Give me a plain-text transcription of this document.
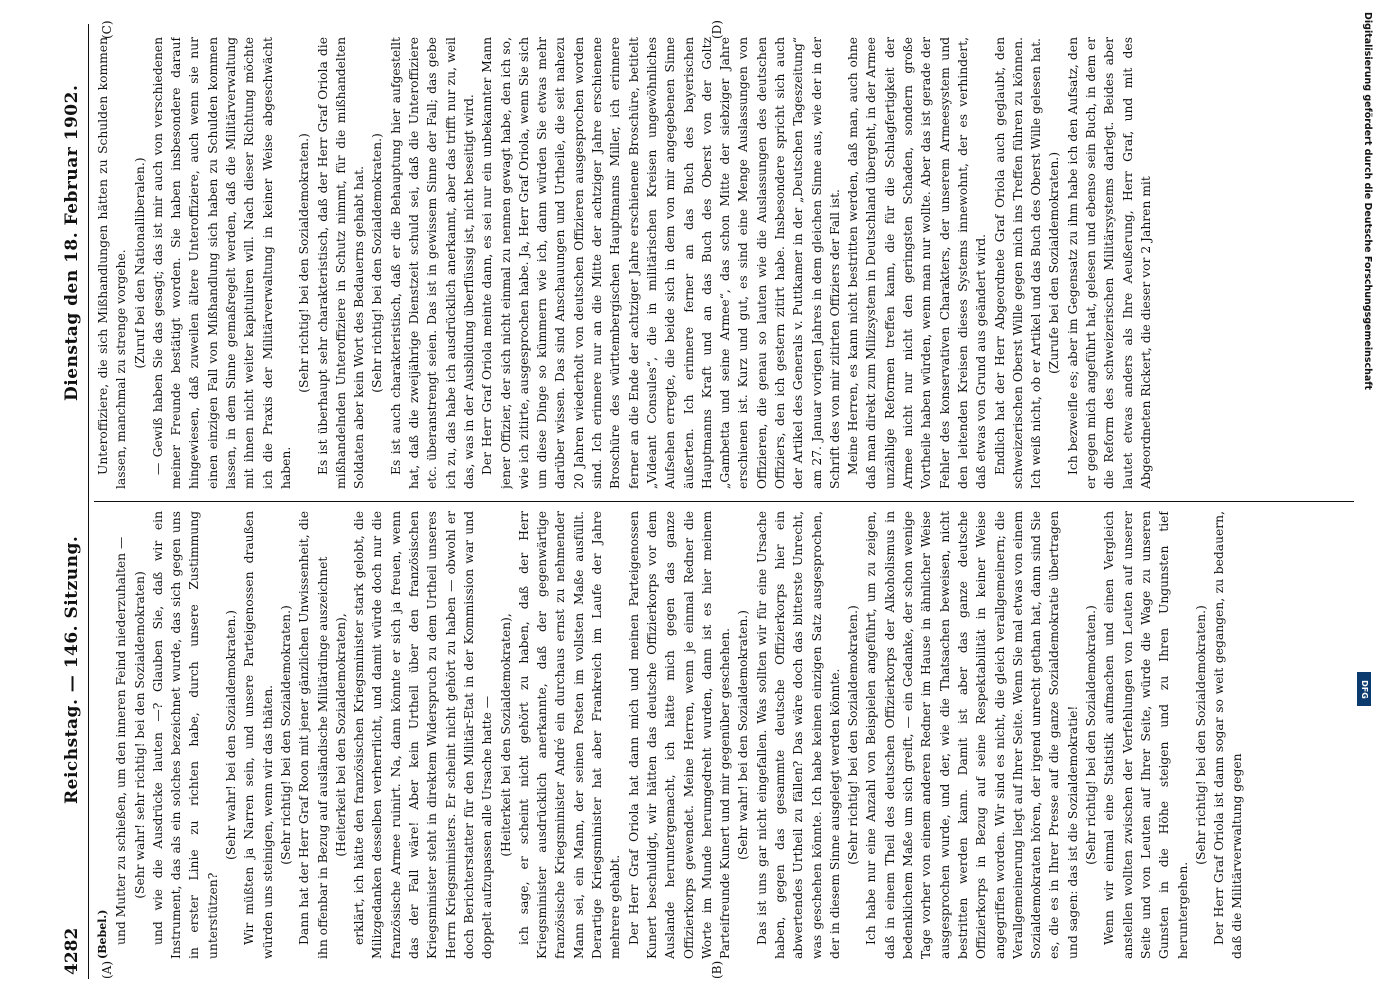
4282
Reichstag. — 146. Sitzung.
Dienstag den 18. Februar 1902.
(A)	(B)
(C)	(D)
(Bebel.) und Mutter zu schießen, um den inneren Feind niederzuhalten — (Sehr wahr! sehr richtig! bei den Sozialdemokraten) und wie die Ausdrücke lauten —? Glauben Sie, daß wir ein Instrument, das als ein solches bezeichnet wurde, das sich gegen uns in erster Linie zu richten habe, durch unsere Zustimmung unterstützen?

(Sehr wahr! bei den Sozialdemokraten.) Wir müßten ja Narren sein, und unsere Parteigenossen draußen würden uns steinigen, wenn wir das thäten. (Sehr richtig! bei den Sozialdemokraten.) Dann hat der Herr Graf Roon mit jener gänzlichen Unwissenheit, die ihn offenbar in Bezug auf ausländische Militärdinge auszeichnet (Heiterkeit bei den Sozialdemokraten), erklärt, ich hätte den französischen Kriegsminister stark gelobt, die Milizgedanken desselben verherrlicht, und damit würde doch nur die französische Armee ruinirt. Na, dann könnte er sich ja freuen, wenn das der Fall wäre! Aber kein Urtheil über den französischen Kriegsminister steht in direktem Widerspruch zu dem Urtheil unseres Herrn Kriegsministers. Er scheint nicht gehört zu haben — obwohl er doch Berichterstatter für den Militär-Etat in der Kommission war und doppelt aufzupassen alle Ursache hatte — (Heiterkeit bei den Sozialdemokraten), ich sage, er scheint nicht gehört zu haben, daß der Herr Kriegsminister ausdrücklich anerkannte, daß der gegenwärtige französische Kriegsminister André ein durchaus ernst zu nehmender Mann sei, ein Mann, der seinen Posten im vollsten Maße ausfüllt. Derartige Kriegsminister hat aber Frankreich im Laufe der Jahre mehrere gehabt. Der Herr Graf Oriola hat dann mich und meinen Parteigenossen Kunert beschuldigt, wir hätten das deutsche Offizierkorps vor dem Auslande heruntergemacht, ich hätte mich gegen das ganze Offizierkorps gewendet. Meine Herren, wenn je einmal Redner die Worte im Munde herumgedreht wurden, dann ist es hier meinem Parteifreunde Kunert und mir gegenüber geschehen. (Sehr wahr! bei den Sozialdemokraten.) Das ist uns gar nicht eingefallen. Was sollten wir für eine Ursache haben, gegen das gesammte deutsche Offizierkorps hier ein abwertendes Urtheil zu fällen? Das wäre doch das bitterste Unrecht, was geschehen könnte. Ich habe keinen einzigen Satz ausgesprochen, der in diesem Sinne ausgelegt werden könnte. (Sehr richtig! bei den Sozialdemokraten.) Ich habe nur eine Anzahl von Beispielen angeführt, um zu zeigen, daß in einem Theil des deutschen Offizierkorps der Alkoholismus in bedenklichem Maße um sich greift, — ein Gedanke, der schon wenige Tage vorher von einem anderen Redner im Hause in ähnlicher Weise ausgesprochen wurde, und der, wie die Thatsachen beweisen, nicht bestritten werden kann. Damit ist aber das ganze deutsche Offizierkorps in Bezug auf seine Respektabilität in keiner Weise angegriffen worden. Wir sind es nicht, die gleich verallgemeinern; die Verallgemeinerung liegt auf Ihrer Seite. Wenn Sie mal etwas von einem Sozialdemokraten hören, der irgend unrecht gethan hat, dann sind Sie es, die es in Ihrer Presse auf die ganze Sozialdemokratie übertragen und sagen: das ist die Sozialdemokratie! (Sehr richtig! bei den Sozialdemokraten.) Wenn wir einmal eine Statistik aufmachen und einen Vergleich anstellen wollten zwischen der Verfehlungen von Leuten auf unserer Seite und von Leuten auf Ihrer Seite, würde die Wage zu unseren Gunsten in die Höhe steigen und zu Ihren Ungunsten tief heruntergehen.

(Sehr richtig! bei den Sozialdemokraten.) Der Herr Graf Oriola ist dann sogar so weit gegangen, zu bedauern, daß die Militärverwaltung gegen

Unteroffiziere, die sich Mißhandlungen hätten zu Schulden kommen lassen, manchmal zu strenge vorgehe. (Zuruf bei den Nationalliberalen.) — Gewiß haben Sie das gesagt; das ist mir auch von verschiedenen meiner Freunde bestätigt worden. Sie haben insbesondere darauf hingewiesen, daß zuweilen ältere Unteroffiziere, auch wenn sie nur einen einzigen Fall von Mißhandlung sich haben zu Schulden kommen lassen, in dem Sinne gemaßregelt werden, daß die Militärverwaltung mit ihnen nicht weiter kapituliren will. Nach dieser Richtung möchte ich die Praxis der Militärverwaltung in keiner Weise abgeschwächt haben.

(Sehr richtig! bei den Sozialdemokraten.) Es ist überhaupt sehr charakteristisch, daß der Herr Graf Oriola die mißhandelnden Unteroffiziere in Schutz nimmt, für die mißhandelten Soldaten aber kein Wort des Bedauerns gehabt hat. (Sehr richtig! bei den Sozialdemokraten.) Es ist auch charakteristisch, daß er die Behauptung hier aufgestellt hat, daß die zweijährige Dienstzeit schuld sei, daß die Unteroffiziere etc. überanstrengt seien. Das ist in gewissem Sinne der Fall; das gebe ich zu, das habe ich ausdrücklich anerkannt, aber das trifft nur zu, weil das, was in der Ausbildung überflüssig ist, nicht beseitigt wird. Der Herr Graf Oriola meinte dann, es sei nur ein unbekannter Mann jener Offizier, der sich nicht einmal zu nennen gewagt habe, den ich so, wie ich zitirte, ausgesprochen habe. Ja, Herr Graf Oriola, wenn Sie sich um diese Dinge so kümmern wie ich, dann würden Sie etwas mehr darüber wissen. Das sind Anschauungen und Urtheile, die seit nahezu 20 Jahren wiederholt von deutschen Offizieren ausgesprochen worden sind. Ich erinnere nur an die Mitte der achtziger Jahre erschienene Broschüre des württembergischen Hauptmanns Miller, ich erinnere ferner an die Ende der achtziger Jahre erschienene Broschüre, betitelt „Videant Consules“, die in militärischen Kreisen ungewöhnliches Aufsehen erregte, die beide sich in dem von mir angegebenen Sinne äußerten. Ich erinnere ferner an das Buch des bayerischen Hauptmanns Kraft und an das Buch des Oberst von der Goltz „Gambetta und seine Armee“, das schon Mitte der siebziger Jahre erschienen ist. Kurz und gut, es sind eine Menge Auslassungen von Offizieren, die genau so lauten wie die Auslassungen des deutschen Offiziers, den ich gestern zitirt habe. Insbesondere spricht sich auch der Artikel des Generals v. Puttkamer in der „Deutschen Tageszeitung“ am 27. Januar vorigen Jahres in dem gleichen Sinne aus, wie der in der Schrift des von mir zitirten Offiziers der Fall ist. Meine Herren, es kann nicht bestritten werden, daß man, auch ohne daß man direkt zum Milizsystem in Deutschland übergeht, in der Armee unzählige Reformen treffen kann, die für die Schlagfertigkeit der Armee nicht nur nicht den geringsten Schaden, sondern große Vortheile haben würden, wenn man nur wollte. Aber das ist gerade der Fehler des konservativen Charakters, der unserem Armeesystem und den leitenden Kreisen dieses Systems innewohnt, der es verhindert, daß etwas von Grund aus geändert wird. Endlich hat der Herr Abgeordnete Graf Oriola auch geglaubt, den schweizerischen Oberst Wille gegen mich ins Treffen führen zu können. Ich weiß nicht, ob er Artikel und das Buch des Oberst Wille gelesen hat. (Zurufe bei den Sozialdemokraten.) Ich bezweifle es; aber im Gegensatz zu ihm habe ich den Aufsatz, den er gegen mich angeführt hat, gelesen und ebenso sein Buch, in dem er die Reform des schweizerischen Militärsystems darlegt. Beides aber lautet etwas anders als Ihre Aeußerung, Herr Graf, und mit des Abgeordneten Rickert, die dieser vor 2 Jahren mit	Digitalisierung gefördert durch die Deutsche Forschungsgemeinschaft
DFG
